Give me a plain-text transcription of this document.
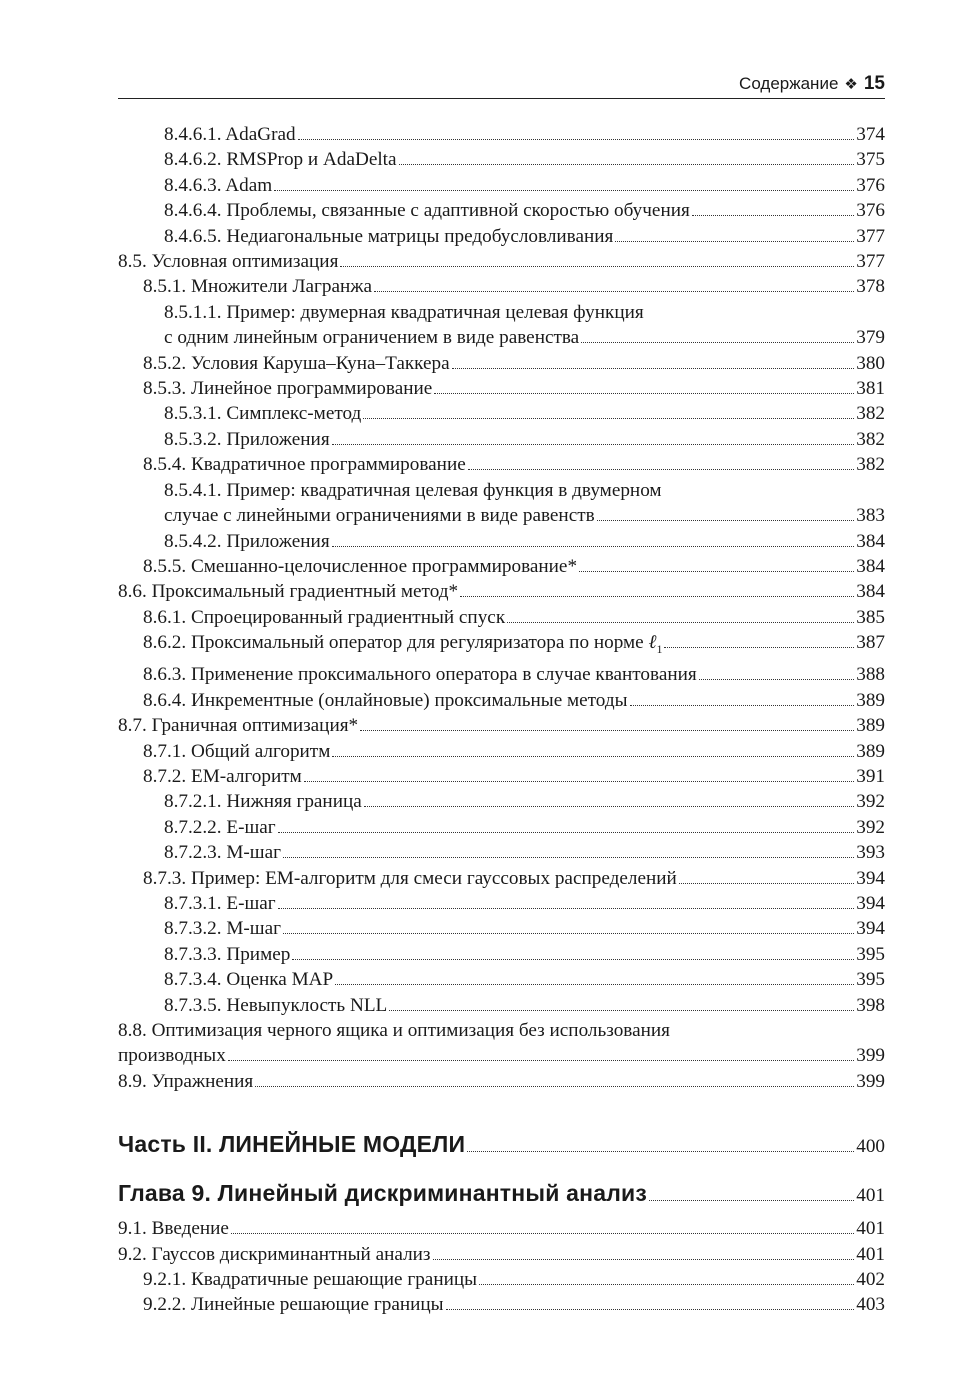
Содержание ❖ 15
8.4.6.1. AdaGrad	374
8.4.6.2. RMSProp и AdaDelta	375
8.4.6.3. Adam	376
8.4.6.4. Проблемы, связанные с адаптивной скоростью обучения	376
8.4.6.5. Недиагональные матрицы предобусловливания	377
8.5. Условная оптимизация	377
8.5.1. Множители Лагранжа	378
8.5.1.1. Пример: двумерная квадратичная целевая функция
с одним линейным ограничением в виде равенства	379
8.5.2. Условия Каруша–Куна–Таккера	380
8.5.3. Линейное программирование	381
8.5.3.1. Симплекс-метод	382
8.5.3.2. Приложения	382
8.5.4. Квадратичное программирование	382
8.5.4.1. Пример: квадратичная целевая функция в двумерном
случае с линейными ограничениями в виде равенств	383
8.5.4.2. Приложения	384
8.5.5. Смешанно-целочисленное программирование*	384
8.6. Проксимальный градиентный метод*	384
8.6.1. Спроецированный градиентный спуск	385
8.6.2. Проксимальный оператор для регуляризатора по норме ℓ$_1$	387
8.6.3. Применение проксимального оператора в случае квантования	388
8.6.4. Инкрементные (онлайновые) проксимальные методы	389
8.7. Граничная оптимизация*	389
8.7.1. Общий алгоритм	389
8.7.2. EM-алгоритм	391
8.7.2.1. Нижняя граница	392
8.7.2.2. E-шаг	392
8.7.2.3. M-шаг	393
8.7.3. Пример: EM-алгоритм для смеси гауссовых распределений	394
8.7.3.1. E-шаг	394
8.7.3.2. M-шаг	394
8.7.3.3. Пример	395
8.7.3.4. Оценка MAP	395
8.7.3.5. Невыпуклость NLL	398
8.8. Оптимизация черного ящика и оптимизация без использования
производных	399
8.9. Упражнения	399
Часть II. ЛИНЕЙНЫЕ МОДЕЛИ	400
Глава 9. Линейный дискриминантный анализ	401
9.1. Введение	401
9.2. Гауссов дискриминантный анализ	401
9.2.1. Квадратичные решающие границы	402
9.2.2. Линейные решающие границы	403
